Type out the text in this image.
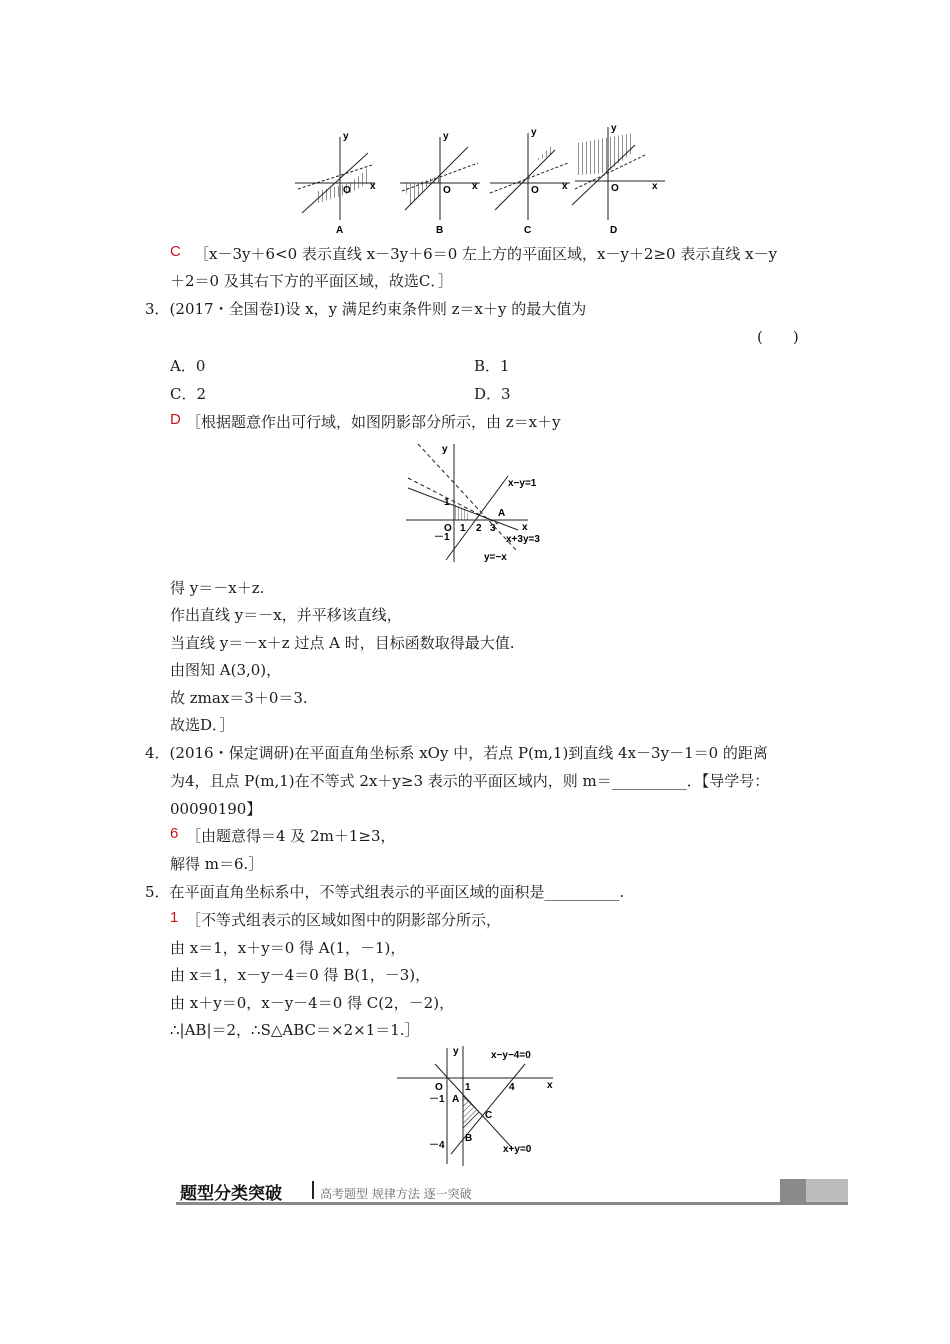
y
x
O
A
y
x
O
B
y
x
O
C
y
x
O
D
C ［x－3y＋6<0 表示直线 x－3y＋6＝0 左上方的平面区域，x－y＋2≥0 表示直线 x－y
＋2＝0 及其右下方的平面区域，故选C．］
3．(2017・全国卷Ⅰ)设 x，y 满足约束条件则 z＝x＋y 的最大值为
(　　)
A．0	B．1
C．2	D．3
D ［根据题意作出可行域，如图阴影部分所示，由 z＝x＋y
y
x
O 1 2 3
1
－1
A
x−y=1
x+3y=3
y=−x
得 y＝－x＋z.
作出直线 y＝－x，并平移该直线，
当直线 y＝－x＋z 过点 A 时，目标函数取得最大值.
由图知 A(3,0)，
故 zmax＝3＋0＝3.
故选D．］
4．(2016・保定调研)在平面直角坐标系 xOy 中，若点 P(m,1)到直线 4x－3y－1＝0 的距离
为4，且点 P(m,1)在不等式 2x＋y≥3 表示的平面区域内，则 m＝__________．【导学号：
00090190】
6 ［由题意得＝4 及 2m＋1≥3，
解得 m＝6.］
5．在平面直角坐标系中，不等式组表示的平面区域的面积是__________.
1 ［不等式组表示的区域如图中的阴影部分所示，
由 x＝1，x＋y＝0 得 A(1，－1)，
由 x＝1，x－y－4＝0 得 B(1，－3)，
由 x＋y＝0，x－y－4＝0 得 C(2，－2)，
∴|AB|＝2，∴S△ABC＝×2×1＝1.］
y
x
O 1	4
－1
－4
A
B
C
x−y−4=0
x+y=0
题型分类突破	高考题型 规律方法 逐一突破
